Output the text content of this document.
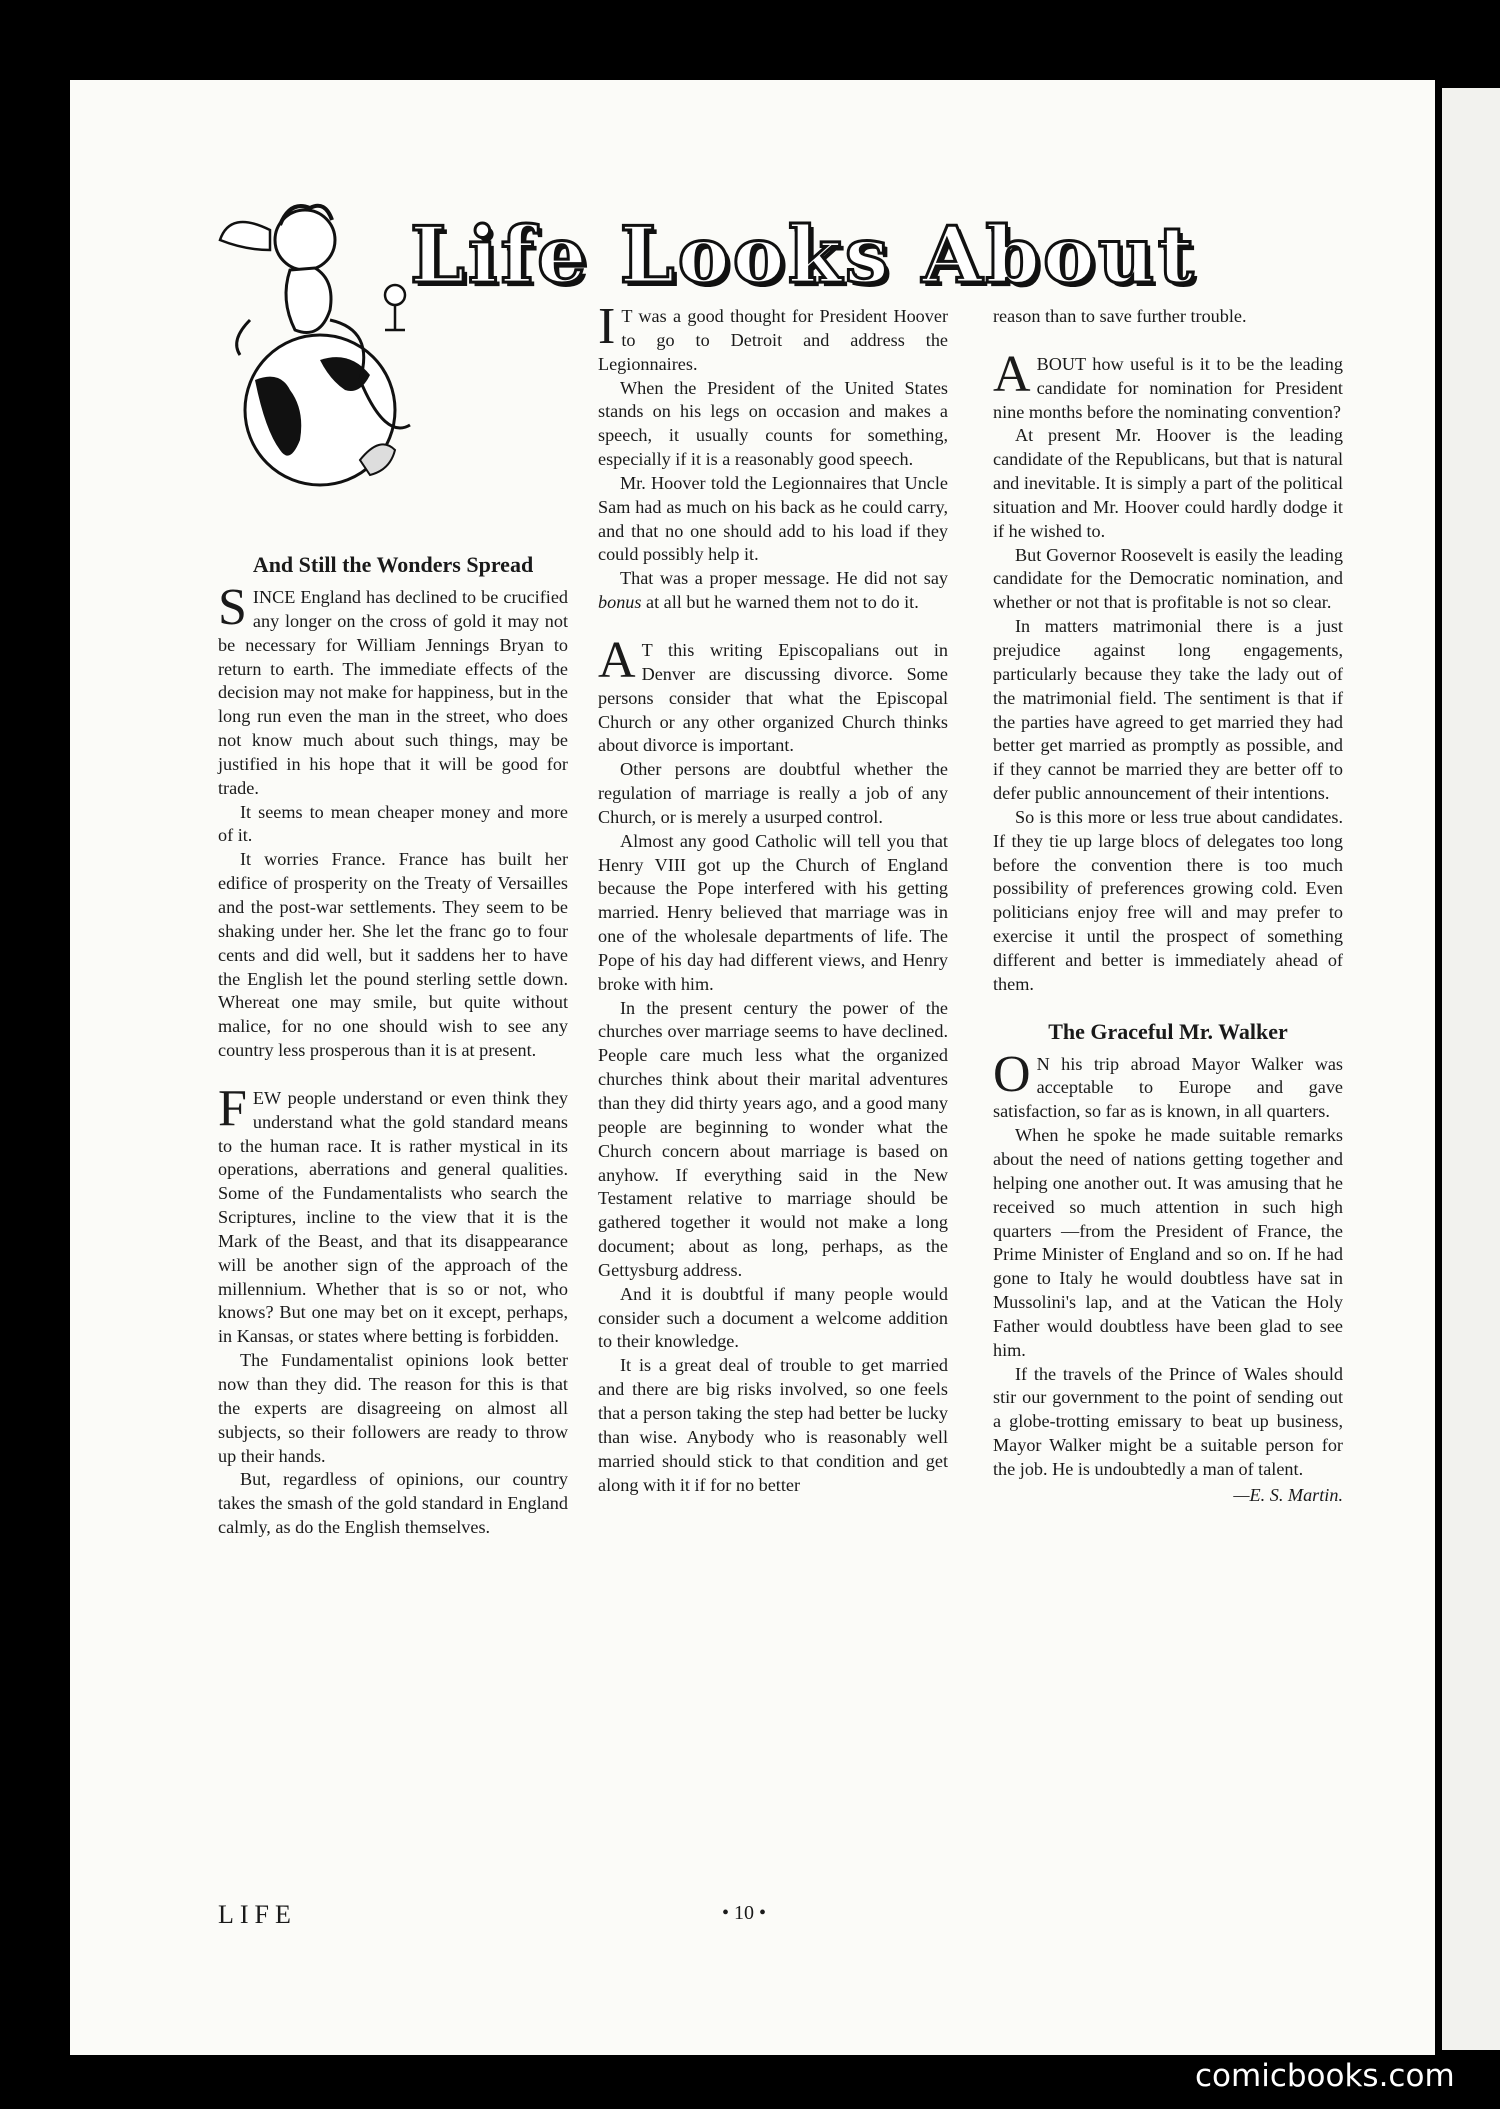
Life Looks About
And Still the Wonders Spread

SINCE England has declined to be crucified any longer on the cross of gold it may not be necessary for William Jennings Bryan to return to earth. The immediate effects of the decision may not make for happiness, but in the long run even the man in the street, who does not know much about such things, may be justified in his hope that it will be good for trade.

It seems to mean cheaper money and more of it.

It worries France. France has built her edifice of prosperity on the Treaty of Versailles and the post-war settlements. They seem to be shaking under her. She let the franc go to four cents and did well, but it saddens her to have the English let the pound sterling settle down. Whereat one may smile, but quite without malice, for no one should wish to see any country less prosperous than it is at present.

FEW people understand or even think they understand what the gold standard means to the human race. It is rather mystical in its operations, aberrations and general qualities. Some of the Fundamentalists who search the Scriptures, incline to the view that it is the Mark of the Beast, and that its disappearance will be another sign of the approach of the millennium. Whether that is so or not, who knows? But one may bet on it except, perhaps, in Kansas, or states where betting is forbidden.

The Fundamentalist opinions look better now than they did. The reason for this is that the experts are disagreeing on almost all subjects, so their followers are ready to throw up their hands.

But, regardless of opinions, our country takes the smash of the gold standard in England calmly, as do the English themselves.

I T was a good thought for President Hoover to go to Detroit and address the Legionnaires.

When the President of the United States stands on his legs on occasion and makes a speech, it usually counts for something, especially if it is a reasonably good speech.

Mr. Hoover told the Legionnaires that Uncle Sam had as much on his back as he could carry, and that no one should add to his load if they could possibly help it.

That was a proper message. He did not say bonus at all but he warned them not to do it.

A T this writing Episcopalians out in Denver are discussing divorce. Some persons consider that what the Episcopal Church or any other organized Church thinks about divorce is important.

Other persons are doubtful whether the regulation of marriage is really a job of any Church, or is merely a usurped control.

Almost any good Catholic will tell you that Henry VIII got up the Church of England because the Pope interfered with his getting married. Henry believed that marriage was in one of the wholesale departments of life. The Pope of his day had different views, and Henry broke with him.

In the present century the power of the churches over marriage seems to have declined. People care much less what the organized churches think about their marital adventures than they did thirty years ago, and a good many people are beginning to wonder what the Church concern about marriage is based on anyhow. If everything said in the New Testament relative to marriage should be gathered together it would not make a long document; about as long, perhaps, as the Gettysburg address.

And it is doubtful if many people would consider such a document a welcome addition to their knowledge.

It is a great deal of trouble to get married and there are big risks involved, so one feels that a person taking the step had better be lucky than wise. Anybody who is reasonably well married should stick to that condition and get along with it if for no better

reason than to save further trouble.

ABOUT how useful is it to be the leading candidate for nomination for President nine months before the nominating convention?

At present Mr. Hoover is the leading candidate of the Republicans, but that is natural and inevitable. It is simply a part of the political situation and Mr. Hoover could hardly dodge it if he wished to.

But Governor Roosevelt is easily the leading candidate for the Democratic nomination, and whether or not that is profitable is not so clear.

In matters matrimonial there is a just prejudice against long engagements, particularly because they take the lady out of the matrimonial field. The sentiment is that if the parties have agreed to get married they had better get married as promptly as possible, and if they cannot be married they are better off to defer public announcement of their intentions.

So is this more or less true about candidates. If they tie up large blocs of delegates too long before the convention there is too much possibility of preferences growing cold. Even politicians enjoy free will and may prefer to exercise it until the prospect of something different and better is immediately ahead of them.

The Graceful Mr. Walker

O N his trip abroad Mayor Walker was acceptable to Europe and gave satisfaction, so far as is known, in all quarters.

When he spoke he made suitable remarks about the need of nations getting together and helping one another out. It was amusing that he received so much attention in such high quarters —from the President of France, the Prime Minister of England and so on. If he had gone to Italy he would doubtless have sat in Mussolini's lap, and at the Vatican the Holy Father would doubtless have been glad to see him.

If the travels of the Prince of Wales should stir our government to the point of sending out a globe-trotting emissary to beat up business, Mayor Walker might be a suitable person for the job. He is undoubtedly a man of talent.

—E. S. Martin.
LIFE	• 10 •
comicbooks.com
